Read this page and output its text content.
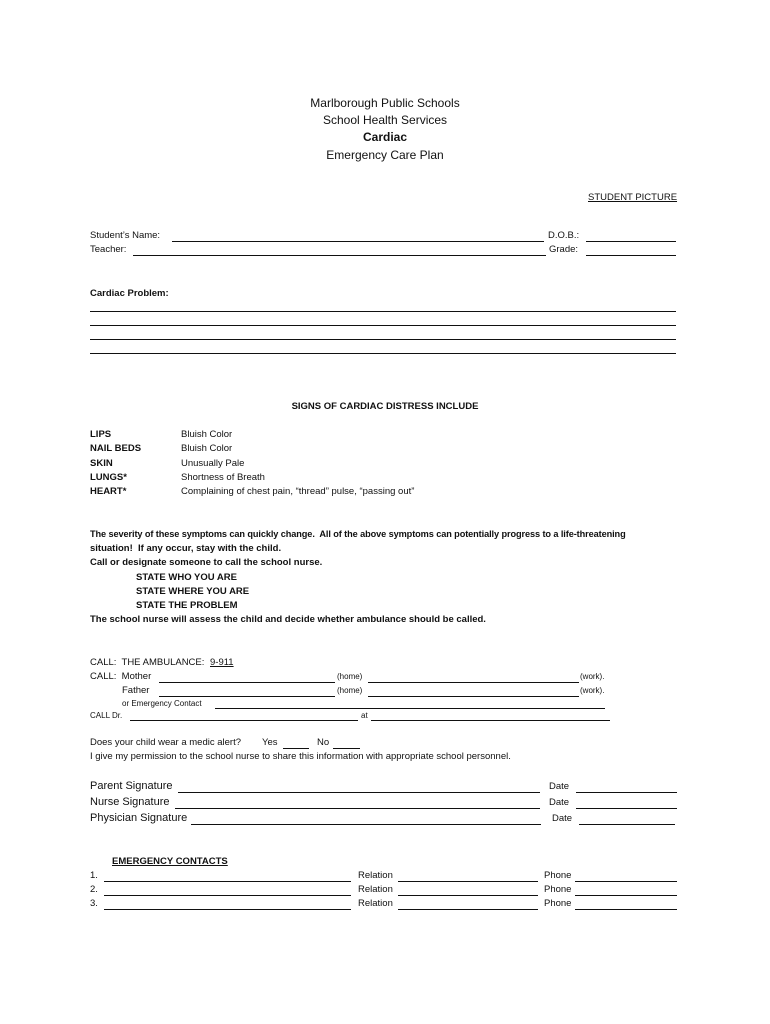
Marlborough Public Schools
School Health Services
Cardiac
Emergency Care Plan
STUDENT PICTURE
Student’s Name:	D.O.B.:
Teacher:	Grade:
Cardiac Problem:
SIGNS OF CARDIAC DISTRESS INCLUDE
LIPS	Bluish Color
NAIL BEDS	Bluish Color
SKIN	Unusually Pale
LUNGS*	Shortness of Breath
HEART*	Complaining of chest pain, “thread” pulse, “passing out”
The severity of these symptoms can quickly change.  All of the above symptoms can potentially progress to a life-threatening
situation!  If any occur, stay with the child.
Call or designate someone to call the school nurse.
STATE WHO YOU ARE
STATE WHERE YOU ARE
STATE THE PROBLEM
The school nurse will assess the child and decide whether ambulance should be called.
CALL:  THE AMBULANCE: 9-911
CALL:  Mother	(home)	(work).
Father	(home)	(work).
or Emergency Contact
CALL Dr.	at
Does your child wear a medic alert? Yes	No
I give my permission to the school nurse to share this information with appropriate school personnel.
Parent Signature	Date
Nurse Signature	Date
Physician Signature	Date
EMERGENCY CONTACTS
1.	Relation	Phone
2.	Relation	Phone
3.	Relation	Phone
